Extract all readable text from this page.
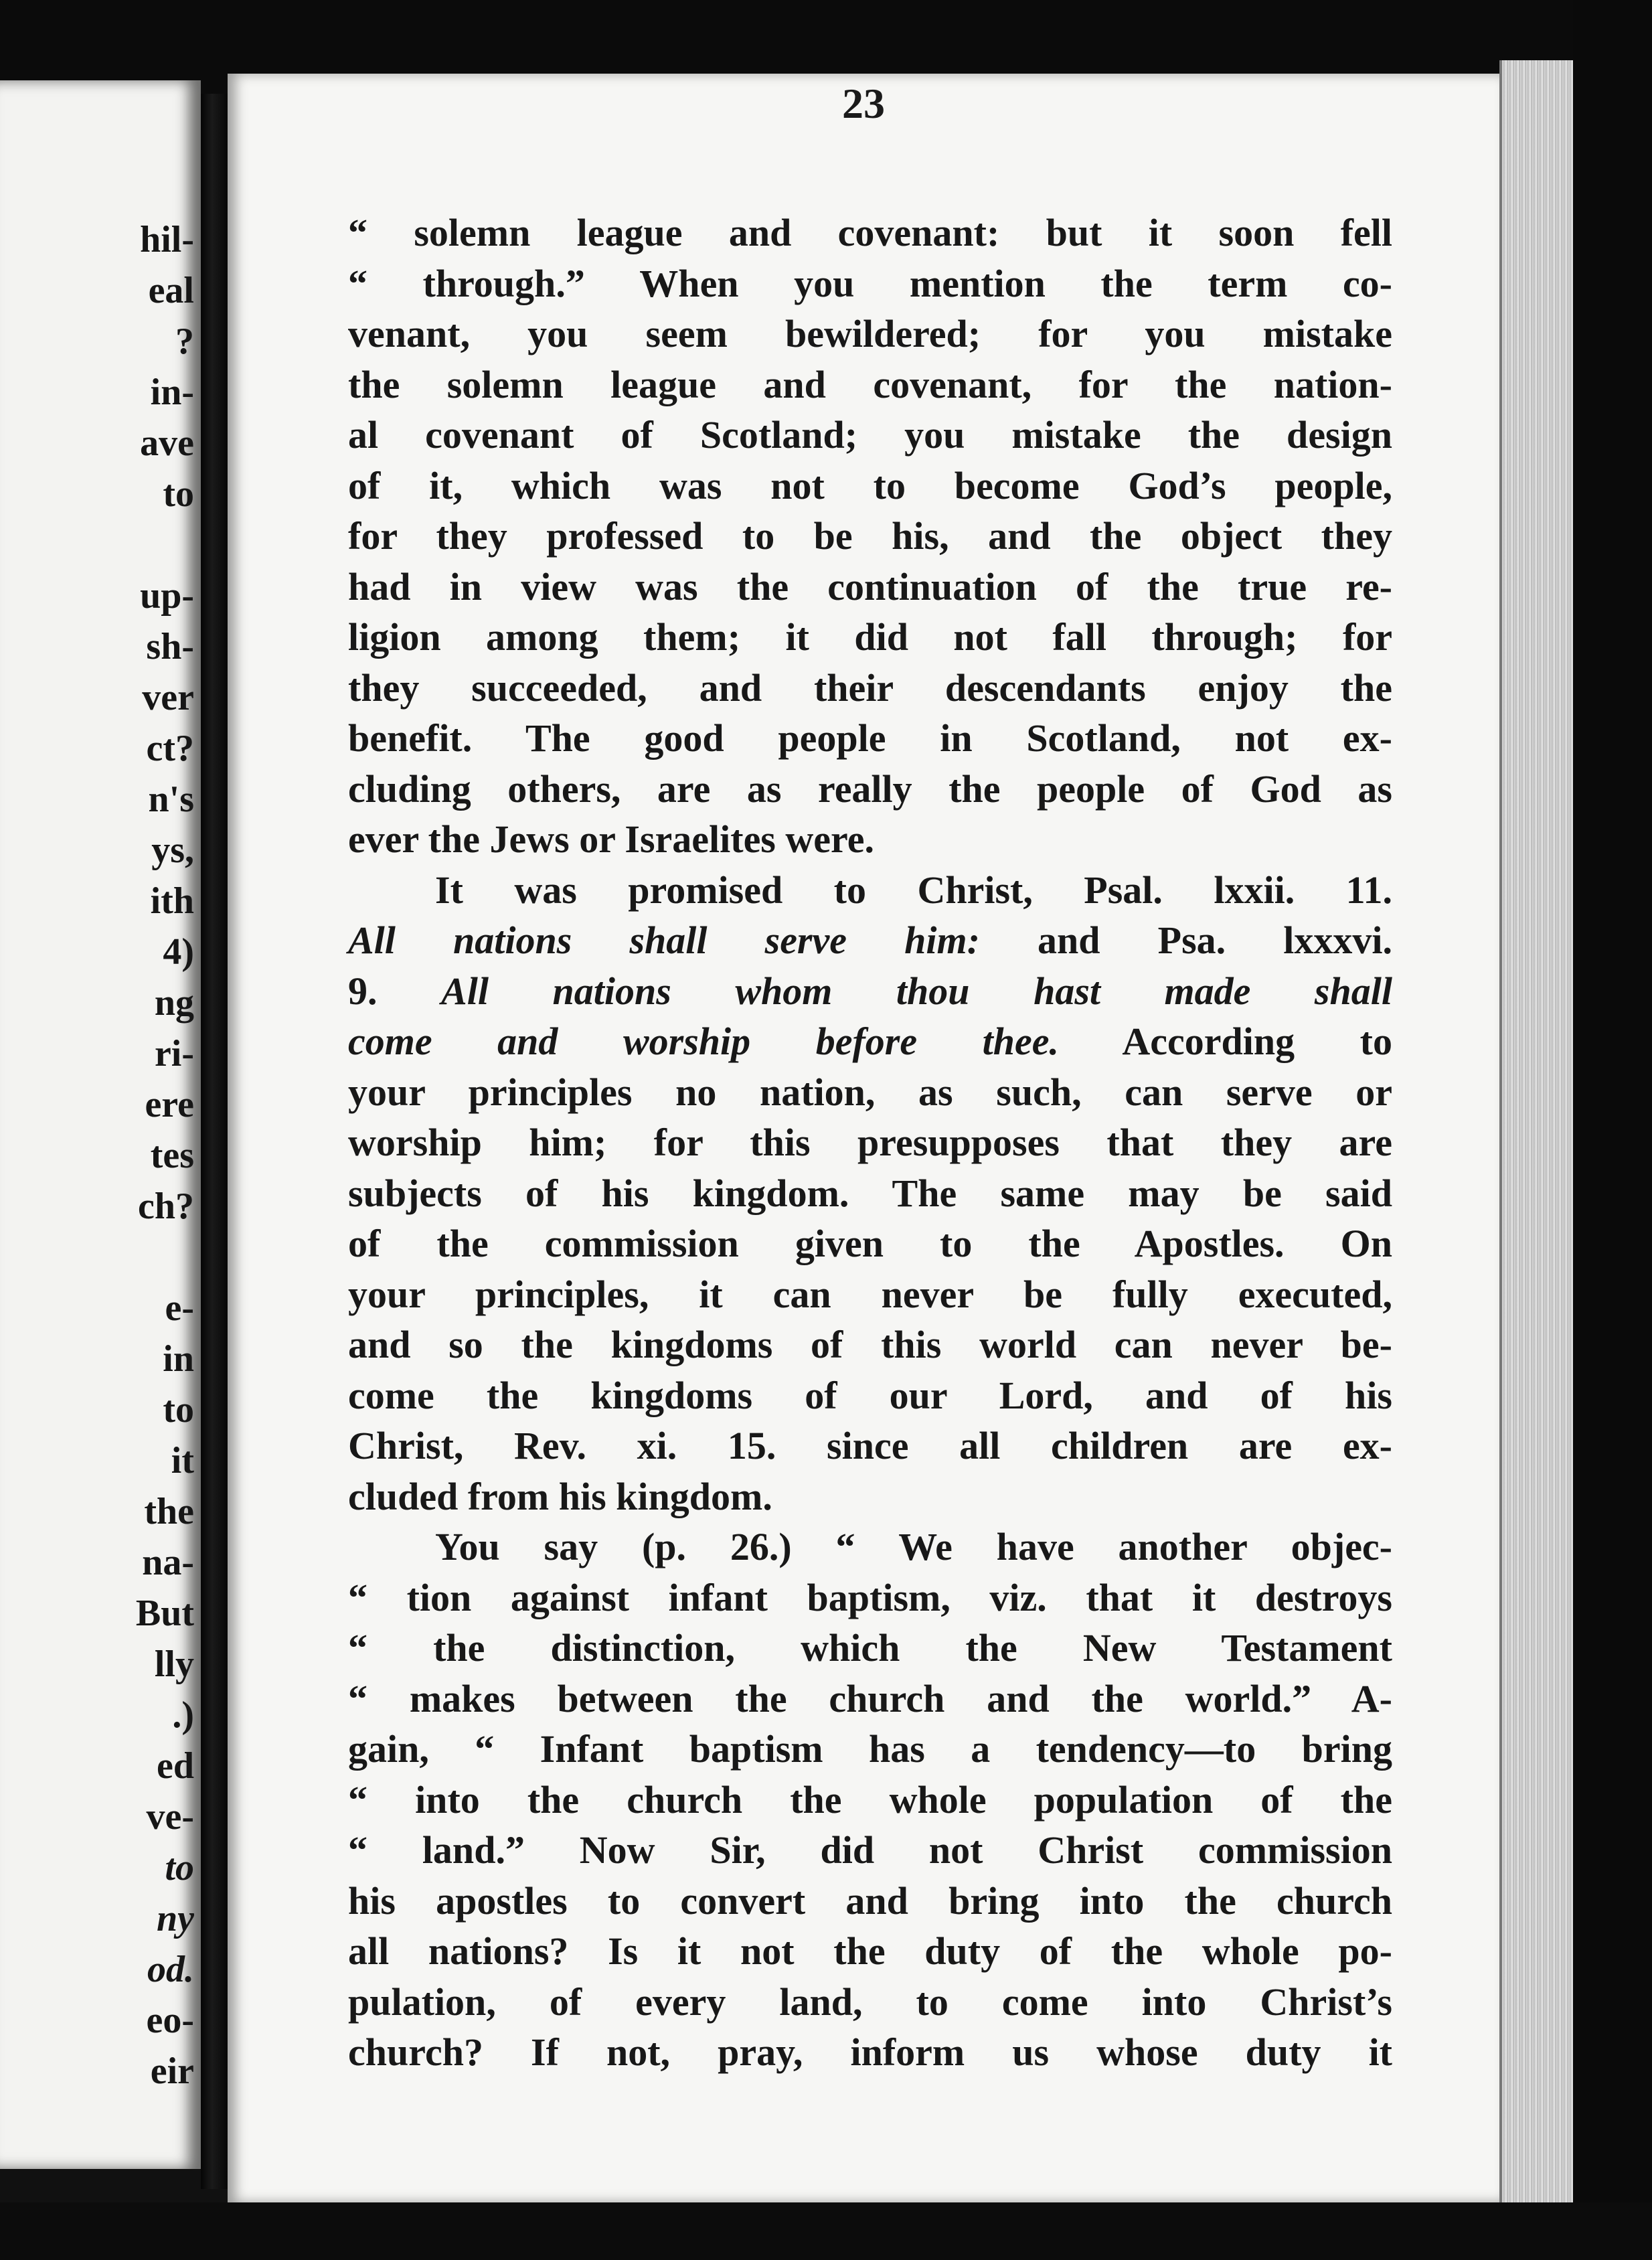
hil-
eal
?
in-
ave
to
up-
sh-
ver
ct?
n's
ys,
ith
4)
ng
ri-
ere
tes
ch?
e-
in
to
it
the
na-
But
lly
.)
ed
ve-
to
ny
od.
eo-
eir
23
“ solemn league and covenant: but it soon fell
“ through.” When you mention the term co-
venant, you seem bewildered; for you mistake
the solemn league and covenant, for the nation-
al covenant of Scotland; you mistake the design
of it, which was not to become God’s people,
for they professed to be his, and the object they
had in view was the continuation of the true re-
ligion among them; it did not fall through; for
they succeeded, and their descendants enjoy the
benefit. The good people in Scotland, not ex-
cluding others, are as really the people of God as
ever the Jews or Israelites were.
It was promised to Christ, Psal. lxxii. 11.
All nations shall serve him: and Psa. lxxxvi.
9. All nations whom thou hast made shall
come and worship before thee. According to
your principles no nation, as such, can serve or
worship him; for this presupposes that they are
subjects of his kingdom. The same may be said
of the commission given to the Apostles. On
your principles, it can never be fully executed,
and so the kingdoms of this world can never be-
come the kingdoms of our Lord, and of his
Christ, Rev. xi. 15. since all children are ex-
cluded from his kingdom.
You say (p. 26.) “ We have another objec-
“ tion against infant baptism, viz. that it destroys
“ the distinction, which the New Testament
“ makes between the church and the world.” A-
gain, “ Infant baptism has a tendency—to bring
“ into the church the whole population of the
“ land.” Now Sir, did not Christ commission
his apostles to convert and bring into the church
all nations? Is it not the duty of the whole po-
pulation, of every land, to come into Christ’s
church? If not, pray, inform us whose duty it
